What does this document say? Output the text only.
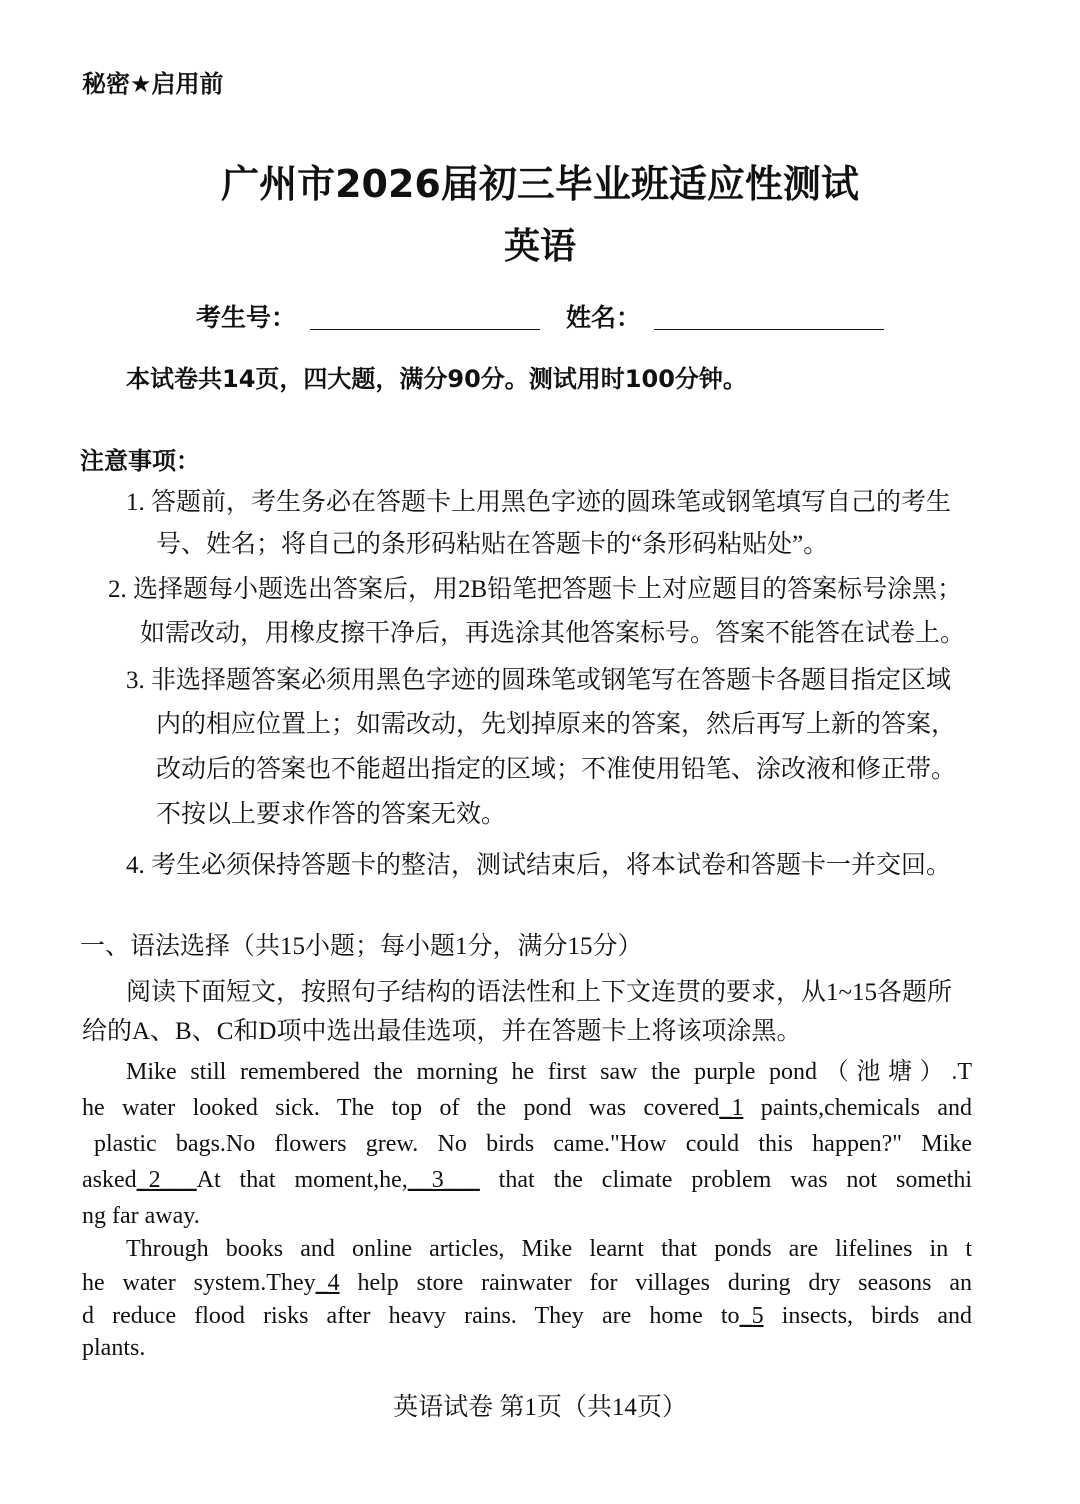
秘密★启用前
广州市2026届初三毕业班适应性测试
英语
考生号：	姓名：
本试卷共14页，四大题，满分90分。测试用时100分钟。
注意事项：
1. 答题前，考生务必在答题卡上用黑色字迹的圆珠笔或钢笔填写自己的考生
号、姓名；将自己的条形码粘贴在答题卡的“条形码粘贴处”。
2. 选择题每小题选出答案后，用2B铅笔把答题卡上对应题目的答案标号涂黑；
如需改动，用橡皮擦干净后，再选涂其他答案标号。答案不能答在试卷上。
3. 非选择题答案必须用黑色字迹的圆珠笔或钢笔写在答题卡各题目指定区域
内的相应位置上；如需改动，先划掉原来的答案，然后再写上新的答案，
改动后的答案也不能超出指定的区域；不准使用铅笔、涂改液和修正带。
不按以上要求作答的答案无效。
4. 考生必须保持答题卡的整洁，测试结束后，将本试卷和答题卡一并交回。
一、语法选择（共15小题；每小题1分，满分15分）
阅读下面短文，按照句子结构的语法性和上下文连贯的要求，从1~15各题所
给的A、B、C和D项中选出最佳选项，并在答题卡上将该项涂黑。
Mike still remembered the morning he first saw the purple pond（池塘）.T
he water looked sick. The top of the pond was covered_1 paints,chemicals and
plastic bags.No flowers grew. No birds came."How could this happen?" Mike
asked_2___At that moment,he,__3___ that the climate problem was not somethi
ng far away.
Through books and online articles, Mike learnt that ponds are lifelines in t
he water system.They_4 help store rainwater for villages during dry seasons an
d reduce flood risks after heavy rains. They are home to_5 insects, birds and
plants.
英语试卷 第1页（共14页）
